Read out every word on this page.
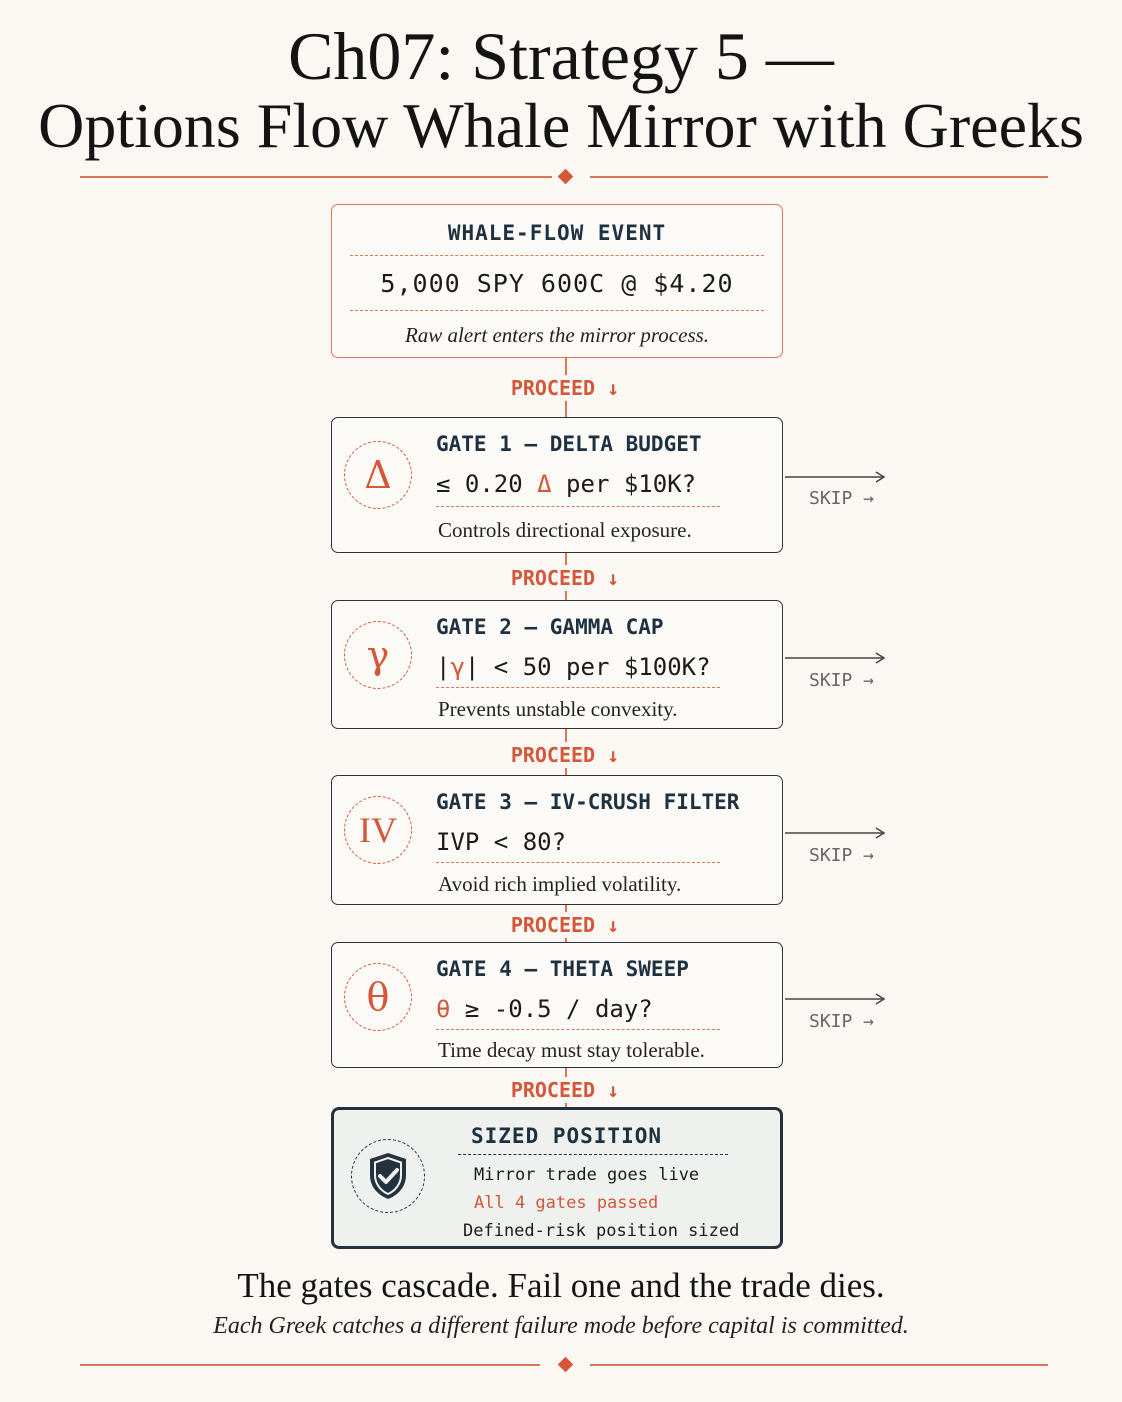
Ch07: Strategy 5 —
Options Flow Whale Mirror with Greeks
WHALE-FLOW EVENT
5,000 SPY 600C @ $4.20
Raw alert enters the mirror process.
PROCEED ↓
PROCEED ↓
PROCEED ↓
PROCEED ↓
PROCEED ↓
Δ
GATE 1 — DELTA BUDGET
≤ 0.20 Δ per $10K?
Controls directional exposure.
γ
GATE 2 — GAMMA CAP
|γ| < 50 per $100K?
Prevents unstable convexity.
IV
GATE 3 — IV-CRUSH FILTER
IVP < 80?
Avoid rich implied volatility.
θ
GATE 4 — THETA SWEEP
θ ≥ -0.5 / day?
Time decay must stay tolerable.
SKIP →
SKIP →
SKIP →
SKIP →
SIZED POSITION
Mirror trade goes live
All 4 gates passed
Defined-risk position sized
The gates cascade. Fail one and the trade dies.
Each Greek catches a different failure mode before capital is committed.
